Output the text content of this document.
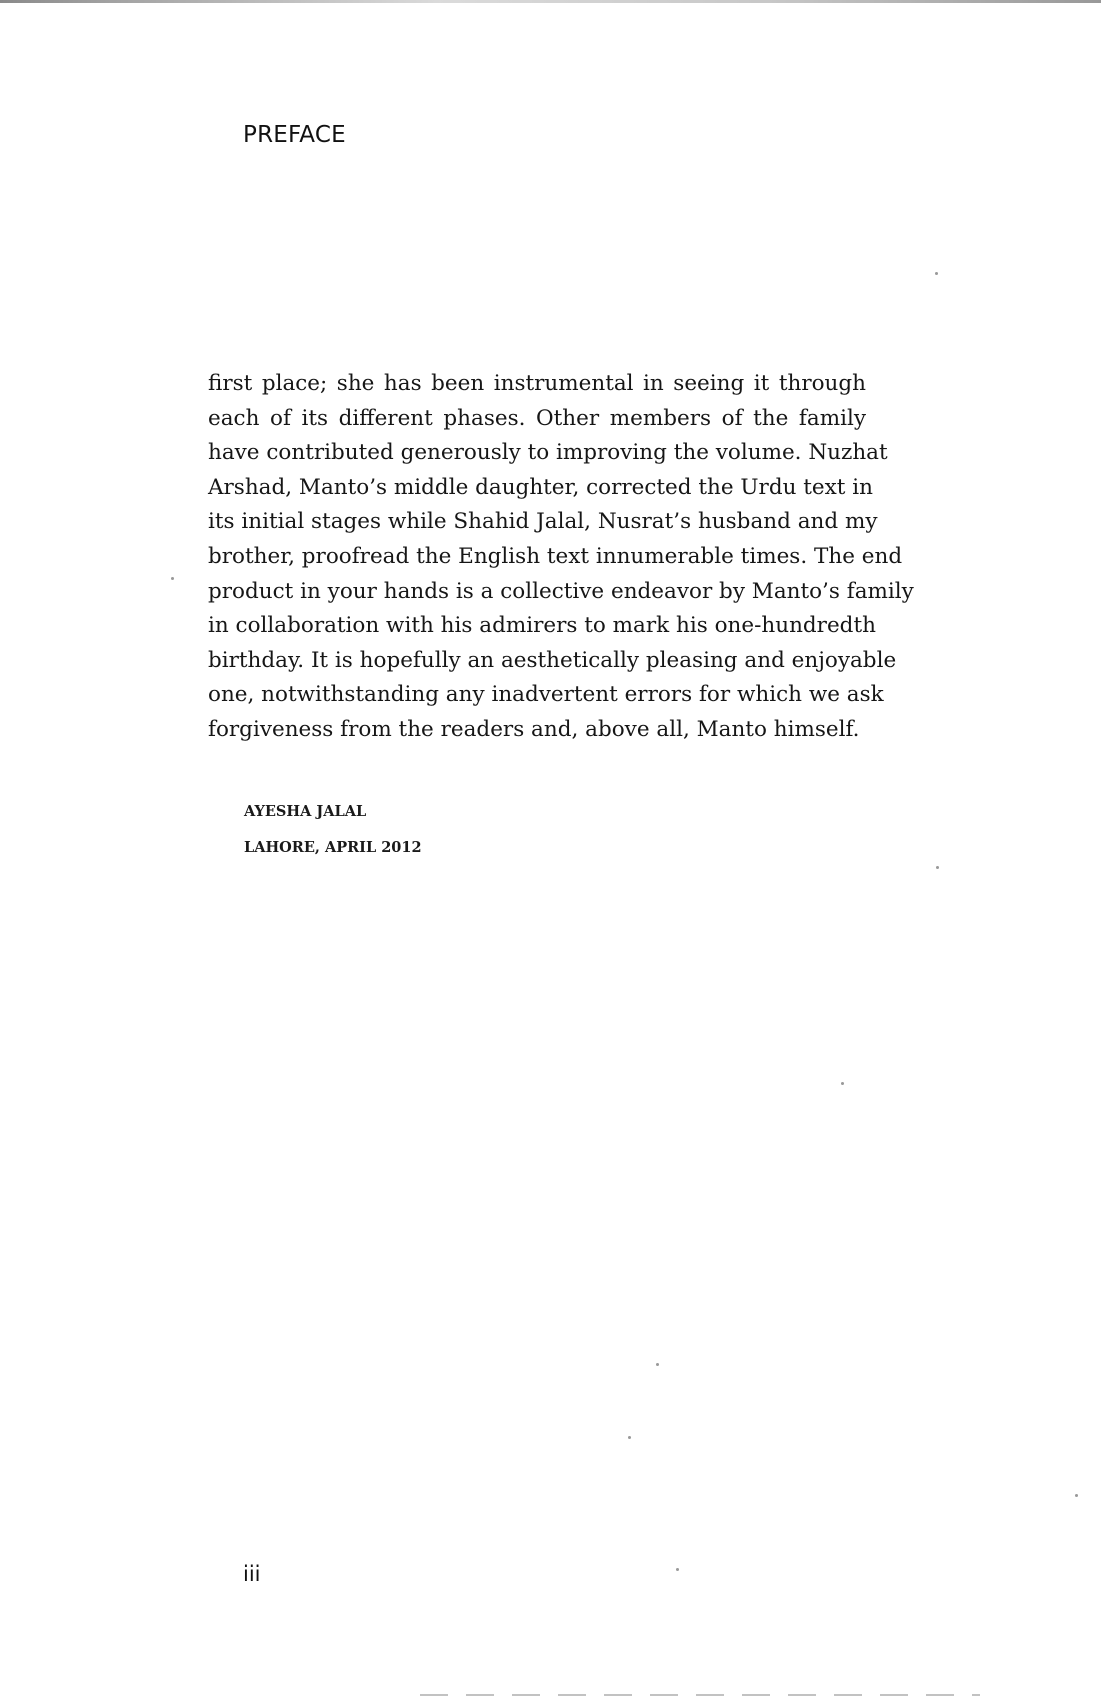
PREFACE
first place; she has been instrumental in seeing it through
each of its different phases. Other members of the family
have contributed generously to improving the volume. Nuzhat
Arshad, Manto’s middle daughter, corrected the Urdu text in
its initial stages while Shahid Jalal, Nusrat’s husband and my
brother, proofread the English text innumerable times. The end
product in your hands is a collective endeavor by Manto’s family
in collaboration with his admirers to mark his one-hundredth
birthday. It is hopefully an aesthetically pleasing and enjoyable
one, notwithstanding any inadvertent errors for which we ask
forgiveness from the readers and, above all, Manto himself.
AYESHA JALAL
LAHORE, APRIL 2012
iii
